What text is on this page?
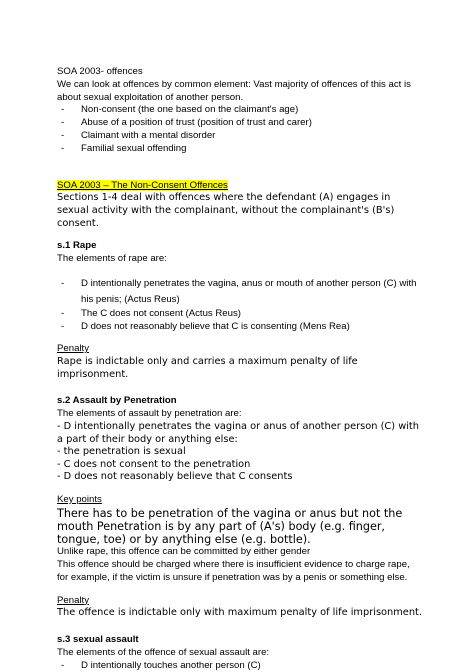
SOA 2003- offences

We can look at offences by common element: Vast majority of offences of this act is about sexual exploitation of another person.

-	Non-consent (the one based on the claimant's age)
-	Abuse of a position of trust (position of trust and carer)
-	Claimant with a mental disorder
-	Familial sexual offending

SOA 2003 – The Non-Consent Offences

Sections 1-4 deal with offences where the defendant (A) engages in sexual activity with the complainant, without the complainant's (B's) consent.

s.1 Rape

The elements of rape are:

-	D intentionally penetrates the vagina, anus or mouth of another person (C) with his penis; (Actus Reus)
-	The C does not consent (Actus Reus)
-	D does not reasonably believe that C is consenting (Mens Rea)

Penalty

Rape is indictable only and carries a maximum penalty of life imprisonment.

s.2 Assault by Penetration

The elements of assault by penetration are:

- D intentionally penetrates the vagina or anus of another person (C) with a part of their body or anything else:

- the penetration is sexual

- C does not consent to the penetration

- D does not reasonably believe that C consents

Key points

There has to be penetration of the vagina or anus but not the mouth Penetration is by any part of (A's) body (e.g. finger, tongue, toe) or by anything else (e.g. bottle).

Unlike rape, this offence can be committed by either gender

This offence should be charged where there is insufficient evidence to charge rape, for example, if the victim is unsure if penetration was by a penis or something else.

Penalty

The offence is indictable only with maximum penalty of life imprisonment.

s.3 sexual assault

The elements of the offence of sexual assault are:

-	D intentionally touches another person (C)
